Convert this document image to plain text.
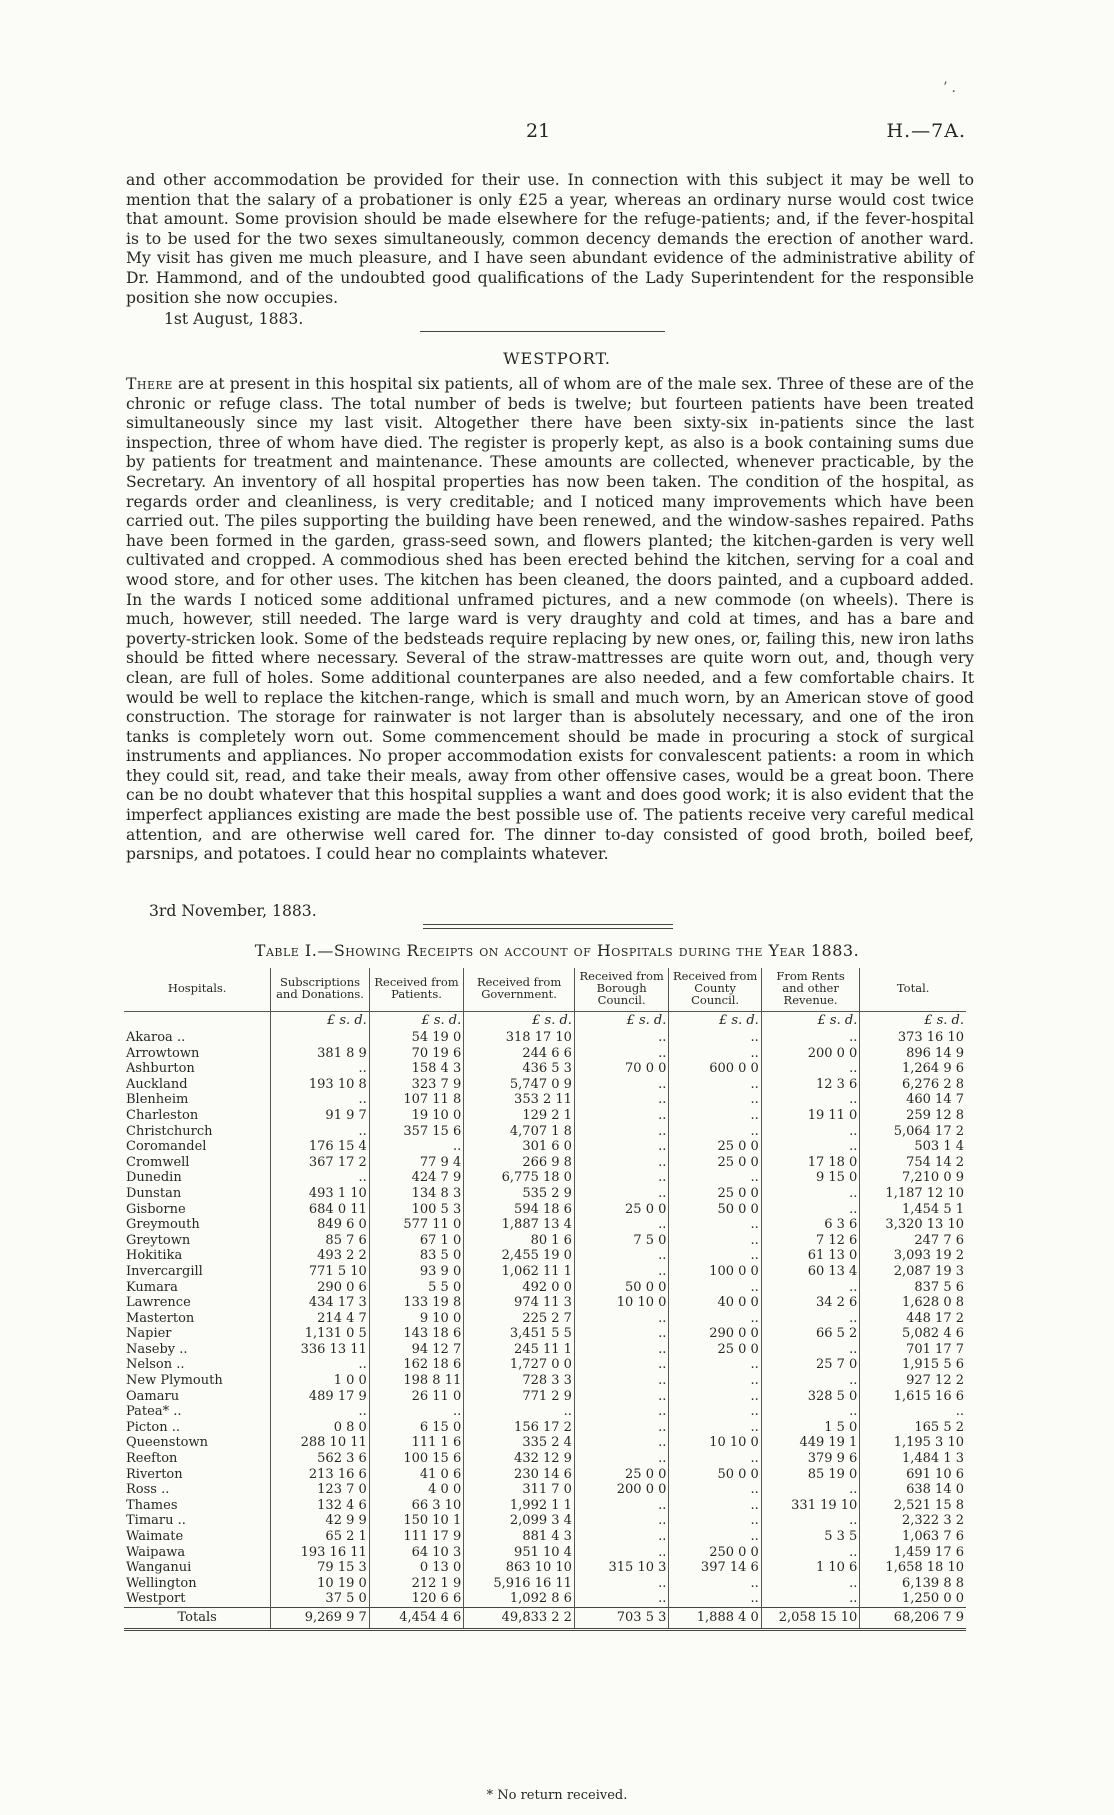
ʼ .
21	H.—7A.

and other accommodation be provided for their use. In connection with this subject it may be well to mention that the salary of a probationer is only £25 a year, whereas an ordinary nurse would cost twice that amount. Some provision should be made elsewhere for the refuge-patients; and, if the fever-hospital is to be used for the two sexes simultaneously, common decency demands the erection of another ward. My visit has given me much pleasure, and I have seen abundant evidence of the administrative ability of Dr. Hammond, and of the undoubted good qualifications of the Lady Superintendent for the responsible position she now occupies.

1st August, 1883.
WESTPORT.

There are at present in this hospital six patients, all of whom are of the male sex. Three of these are of the chronic or refuge class. The total number of beds is twelve; but fourteen patients have been treated simultaneously since my last visit. Altogether there have been sixty-six in-patients since the last inspection, three of whom have died. The register is properly kept, as also is a book containing sums due by patients for treatment and maintenance. These amounts are collected, whenever practicable, by the Secretary. An inventory of all hospital properties has now been taken. The condition of the hospital, as regards order and cleanliness, is very creditable; and I noticed many improvements which have been carried out. The piles supporting the building have been renewed, and the window-sashes repaired. Paths have been formed in the garden, grass-seed sown, and flowers planted; the kitchen-garden is very well cultivated and cropped. A commodious shed has been erected behind the kitchen, serving for a coal and wood store, and for other uses. The kitchen has been cleaned, the doors painted, and a cupboard added. In the wards I noticed some additional unframed pictures, and a new commode (on wheels). There is much, however, still needed. The large ward is very draughty and cold at times, and has a bare and poverty-stricken look. Some of the bedsteads require replacing by new ones, or, failing this, new iron laths should be fitted where necessary. Several of the straw-mattresses are quite worn out, and, though very clean, are full of holes. Some additional counterpanes are also needed, and a few comfortable chairs. It would be well to replace the kitchen-range, which is small and much worn, by an American stove of good construction. The storage for rainwater is not larger than is absolutely necessary, and one of the iron tanks is completely worn out. Some commencement should be made in procuring a stock of surgical instruments and appliances. No proper accommodation exists for convalescent patients: a room in which they could sit, read, and take their meals, away from other offensive cases, would be a great boon. There can be no doubt whatever that this hospital supplies a want and does good work; it is also evident that the imperfect appliances existing are made the best possible use of. The patients receive very careful medical attention, and are otherwise well cared for. The dinner to-day consisted of good broth, boiled beef, parsnips, and potatoes. I could hear no complaints whatever.

3rd November, 1883.
Table I.—Showing Receipts on account of Hospitals during the Year 1883.
Hospitals.	Subscriptions and Donations.	Received from Patients.	Received from Government.	Received from Borough Council.	Received from County Council.	From Rents and other Revenue.	Total.
	£ s. d.	£ s. d.	£ s. d.	£ s. d.	£ s. d.	£ s. d.	£ s. d.
Akaroa ..		54 19 0	318 17 10	..	..	..	373 16 10
Arrowtown	381 8 9	70 19 6	244 6 6	..	..	200 0 0	896 14 9
Ashburton	..	158 4 3	436 5 3	70 0 0	600 0 0	..	1,264 9 6
Auckland	193 10 8	323 7 9	5,747 0 9	..	..	12 3 6	6,276 2 8
Blenheim	..	107 11 8	353 2 11	..	..	..	460 14 7
Charleston	91 9 7	19 10 0	129 2 1	..	..	19 11 0	259 12 8
Christchurch	..	357 15 6	4,707 1 8	..	..	..	5,064 17 2
Coromandel	176 15 4	..	301 6 0	..	25 0 0	..	503 1 4
Cromwell	367 17 2	77 9 4	266 9 8	..	25 0 0	17 18 0	754 14 2
Dunedin	..	424 7 9	6,775 18 0	..	..	9 15 0	7,210 0 9
Dunstan	493 1 10	134 8 3	535 2 9	..	25 0 0	..	1,187 12 10
Gisborne	684 0 11	100 5 3	594 18 6	25 0 0	50 0 0	..	1,454 5 1
Greymouth	849 6 0	577 11 0	1,887 13 4	..	..	6 3 6	3,320 13 10
Greytown	85 7 6	67 1 0	80 1 6	7 5 0	..	7 12 6	247 7 6
Hokitika	493 2 2	83 5 0	2,455 19 0	..	..	61 13 0	3,093 19 2
Invercargill	771 5 10	93 9 0	1,062 11 1	..	100 0 0	60 13 4	2,087 19 3
Kumara	290 0 6	5 5 0	492 0 0	50 0 0	..	..	837 5 6
Lawrence	434 17 3	133 19 8	974 11 3	10 10 0	40 0 0	34 2 6	1,628 0 8
Masterton	214 4 7	9 10 0	225 2 7	..	..	..	448 17 2
Napier	1,131 0 5	143 18 6	3,451 5 5	..	290 0 0	66 5 2	5,082 4 6
Naseby ..	336 13 11	94 12 7	245 11 1	..	25 0 0	..	701 17 7
Nelson ..	..	162 18 6	1,727 0 0	..	..	25 7 0	1,915 5 6
New Plymouth	1 0 0	198 8 11	728 3 3	..	..	..	927 12 2
Oamaru	489 17 9	26 11 0	771 2 9	..	..	328 5 0	1,615 16 6
Patea* ..	..	..	..	..	..	..	..
Picton ..	0 8 0	6 15 0	156 17 2	..	..	1 5 0	165 5 2
Queenstown	288 10 11	111 1 6	335 2 4	..	10 10 0	449 19 1	1,195 3 10
Reefton	562 3 6	100 15 6	432 12 9	..	..	379 9 6	1,484 1 3
Riverton	213 16 6	41 0 6	230 14 6	25 0 0	50 0 0	85 19 0	691 10 6
Ross ..	123 7 0	4 0 0	311 7 0	200 0 0	..	..	638 14 0
Thames	132 4 6	66 3 10	1,992 1 1	..	..	331 19 10	2,521 15 8
Timaru ..	42 9 9	150 10 1	2,099 3 4	..	..	..	2,322 3 2
Waimate	65 2 1	111 17 9	881 4 3	..	..	5 3 5	1,063 7 6
Waipawa	193 16 11	64 10 3	951 10 4	..	250 0 0	..	1,459 17 6
Wanganui	79 15 3	0 13 0	863 10 10	315 10 3	397 14 6	1 10 6	1,658 18 10
Wellington	10 19 0	212 1 9	5,916 16 11	..	..	..	6,139 8 8
Westport	37 5 0	120 6 6	1,092 8 6	..	..	..	1,250 0 0
Totals	9,269 9 7	4,454 4 6	49,833 2 2	703 5 3	1,888 4 0	2,058 15 10	68,206 7 9
* No return received.
